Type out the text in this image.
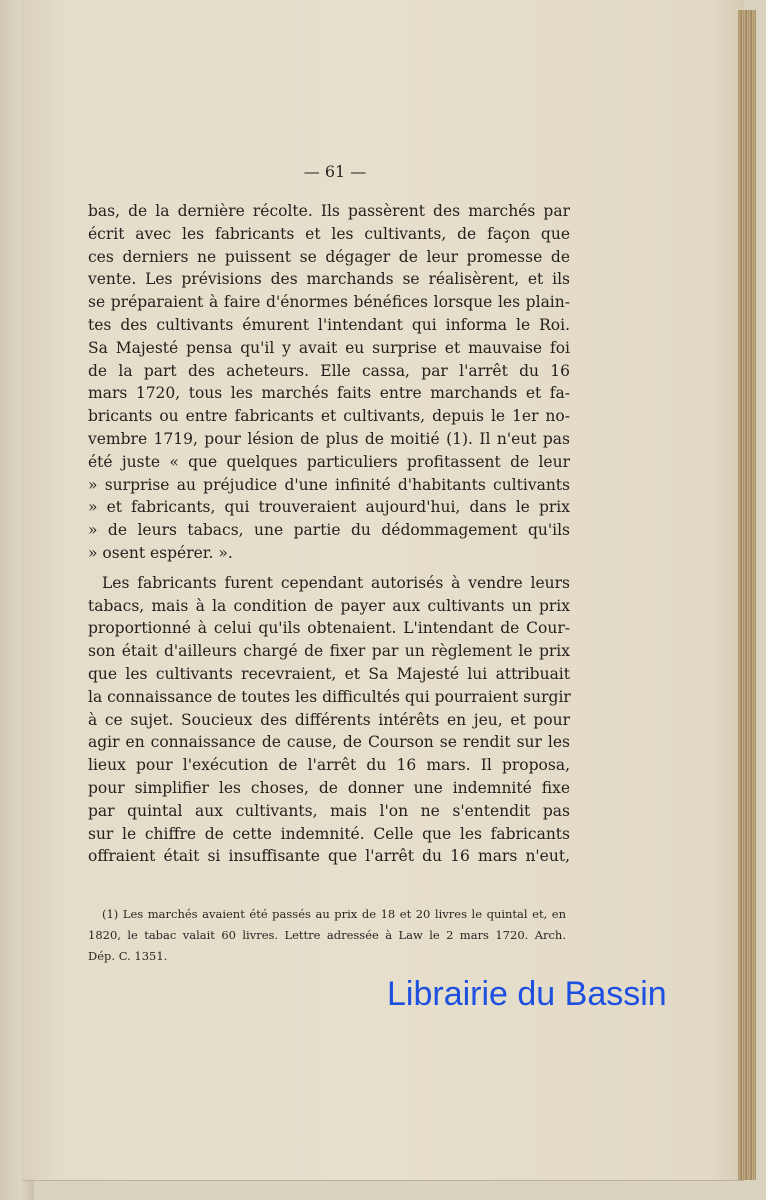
— 61 —
bas, de la dernière récolte. Ils passèrent des marchés par
écrit avec les fabricants et les cultivants, de façon que
ces derniers ne puissent se dégager de leur promesse de
vente. Les prévisions des marchands se réalisèrent, et ils
se préparaient à faire d'énormes bénéfices lorsque les plain-
tes des cultivants émurent l'intendant qui informa le Roi.
Sa Majesté pensa qu'il y avait eu surprise et mauvaise foi
de la part des acheteurs. Elle cassa, par l'arrêt du 16
mars 1720, tous les marchés faits entre marchands et fa-
bricants ou entre fabricants et cultivants, depuis le 1er no-
vembre 1719, pour lésion de plus de moitié (1). Il n'eut pas
été juste « que quelques particuliers profitassent de leur
» surprise au préjudice d'une infinité d'habitants cultivants
» et fabricants, qui trouveraient aujourd'hui, dans le prix
» de leurs tabacs, une partie du dédommagement qu'ils
» osent espérer. ».
Les fabricants furent cependant autorisés à vendre leurs
tabacs, mais à la condition de payer aux cultivants un prix
proportionné à celui qu'ils obtenaient. L'intendant de Cour-
son était d'ailleurs chargé de fixer par un règlement le prix
que les cultivants recevraient, et Sa Majesté lui attribuait
la connaissance de toutes les difficultés qui pourraient surgir
à ce sujet. Soucieux des différents intérêts en jeu, et pour
agir en connaissance de cause, de Courson se rendit sur les
lieux pour l'exécution de l'arrêt du 16 mars. Il proposa,
pour simplifier les choses, de donner une indemnité fixe
par quintal aux cultivants, mais l'on ne s'entendit pas
sur le chiffre de cette indemnité. Celle que les fabricants
offraient était si insuffisante que l'arrêt du 16 mars n'eut,
(1) Les marchés avaient été passés au prix de 18 et 20 livres le quintal et, en
1820, le tabac valait 60 livres. Lettre adressée à Law le 2 mars 1720. Arch.
Dép. C. 1351.
Librairie du Bassin
